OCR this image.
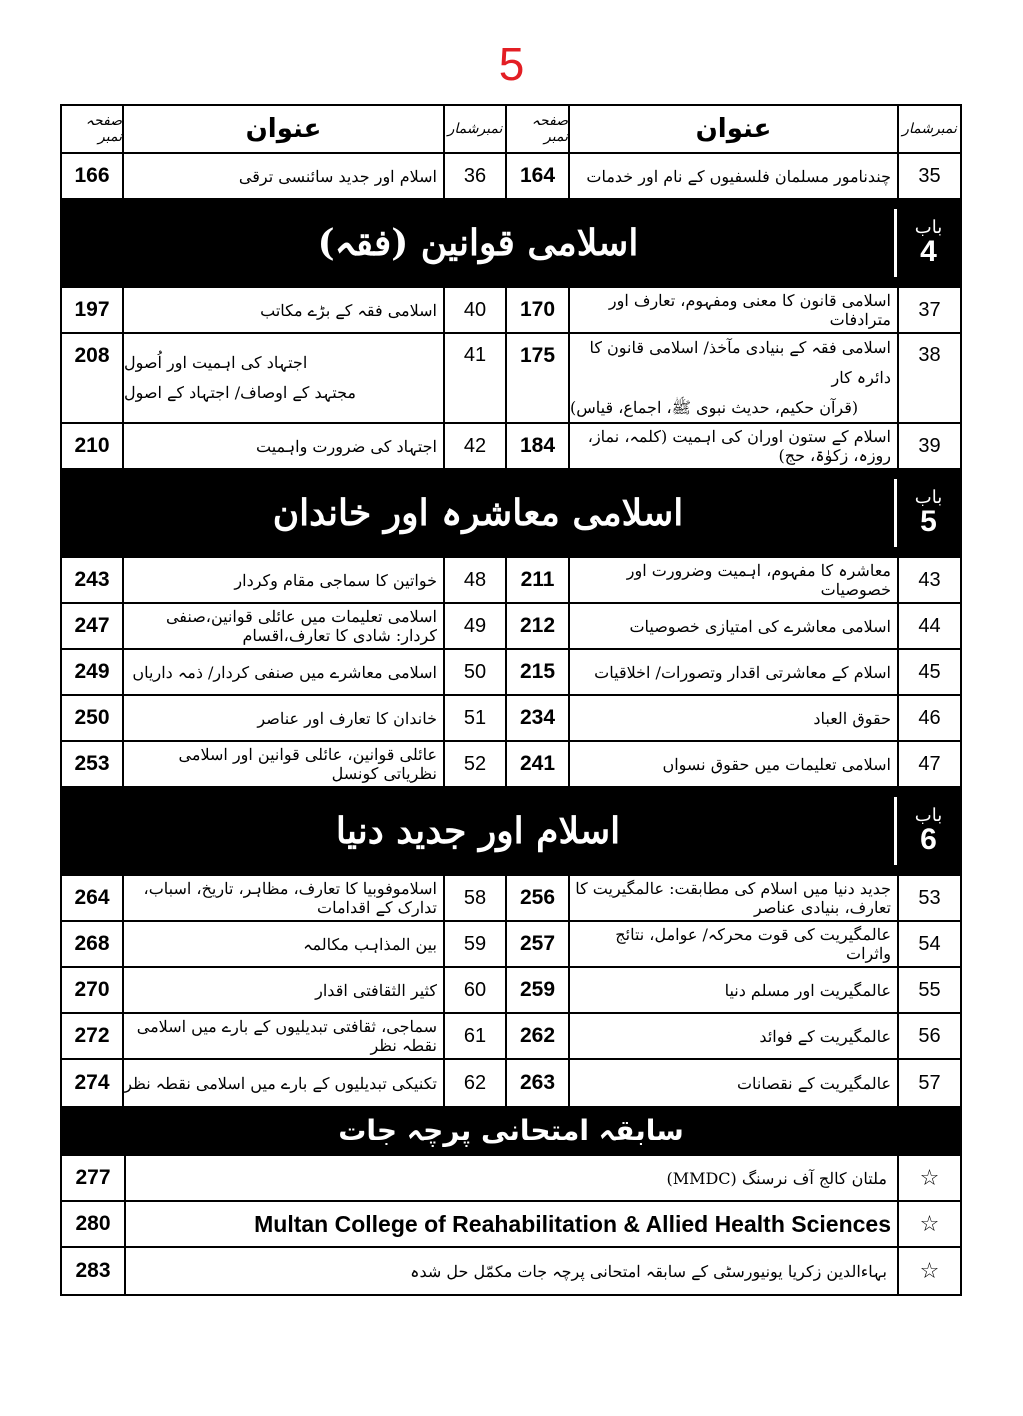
5
نمبرشمار
عنوان
صفحہ نمبر
نمبرشمار
عنوان
صفحہ نمبر
35
چندنامور مسلمان فلسفیوں کے نام اور خدمات
164
36
اسلام اور جدید سائنسی ترقی
166
باب
4
اسلامی قوانین (فقہ)
37
اسلامی قانون کا معنی ومفہوم، تعارف اور مترادفات
170
40
اسلامی فقہ کے بڑے مکاتب
197
38
اسلامی فقہ کے بنیادی مآخذ/ اسلامی قانون کا دائرہ کار
(قرآن حکیم، حدیث نبوی ﷺ، اجماع، قیاس)
175
41
اجتہاد کی اہمیت اور اُصول
مجتہد کے اوصاف/ اجتہاد کے اصول
208
39
اسلام کے ستون اوران کی اہمیت (کلمہ، نماز، روزہ، زکوٰۃ، حج)
184
42
اجتہاد کی ضرورت واہمیت
210
باب
5
اسلامی معاشرہ اور خاندان
43
معاشرہ کا مفہوم، اہمیت وضرورت اور خصوصیات
211
48
خواتین کا سماجی مقام وکردار
243
44
اسلامی معاشرے کی امتیازی خصوصیات
212
49
اسلامی تعلیمات میں عائلی قوانین،صنفی کردار: شادی کا تعارف،اقسام
247
45
اسلام کے معاشرتی اقدار وتصورات/ اخلاقیات
215
50
اسلامی معاشرے میں صنفی کردار/ ذمہ داریاں
249
46
حقوق العباد
234
51
خاندان کا تعارف اور عناصر
250
47
اسلامی تعلیمات میں حقوق نسواں
241
52
عائلی قوانین، عائلی قوانین اور اسلامی نظریاتی کونسل
253
باب
6
اسلام اور جدید دنیا
53
جدید دنیا میں اسلام کی مطابقت: عالمگیریت کا تعارف، بنیادی عناصر
256
58
اسلاموفوبیا کا تعارف، مظاہر، تاریخ، اسباب، تدارک کے اقدامات
264
54
عالمگیریت کی قوت محرکہ/ عوامل، نتائج واثرات
257
59
بین المذاہب مکالمہ
268
55
عالمگیریت اور مسلم دنیا
259
60
کثیر الثقافتی اقدار
270
56
عالمگیریت کے فوائد
262
61
سماجی، ثقافتی تبدیلیوں کے بارے میں اسلامی نقطہ نظر
272
57
عالمگیریت کے نقصانات
263
62
تکنیکی تبدیلیوں کے بارے میں اسلامی نقطہ نظر
274
سابقہ امتحانی پرچہ جات
☆
ملتان کالج آف نرسنگ (MMDC)
277
☆
Multan College of Reahabilitation & Allied Health Sciences
280
☆
بہاءالدین زکریا یونیورسٹی کے سابقہ امتحانی پرچہ جات مکمّل حل شدہ
283
